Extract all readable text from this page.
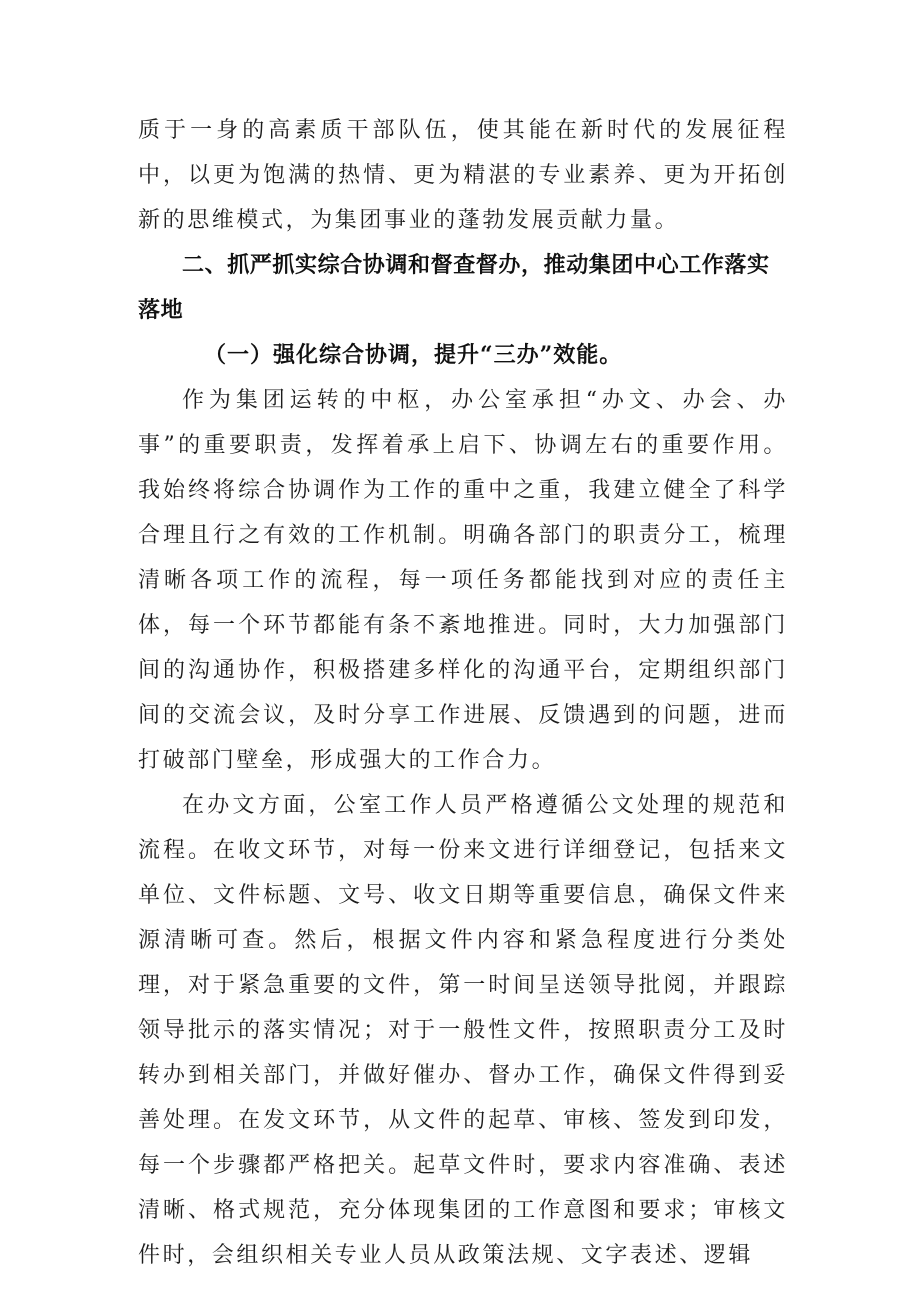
质于一身的高素质干部队伍，使其能在新时代的发展征程中，以更为饱满的热情、更为精湛的专业素养、更为开拓创新的思维模式，为集团事业的蓬勃发展贡献力量。

二、抓严抓实综合协调和督查督办，推动集团中心工作落实落地

（一）强化综合协调，提升“三办”效能。

作为集团运转的中枢，办公室承担“办文、办会、办事”的重要职责，发挥着承上启下、协调左右的重要作用。我始终将综合协调作为工作的重中之重，我建立健全了科学合理且行之有效的工作机制。明确各部门的职责分工，梳理清晰各项工作的流程，每一项任务都能找到对应的责任主体，每一个环节都能有条不紊地推进。同时，大力加强部门间的沟通协作，积极搭建多样化的沟通平台，定期组织部门间的交流会议，及时分享工作进展、反馈遇到的问题，进而打破部门壁垒，形成强大的工作合力。

在办文方面，公室工作人员严格遵循公文处理的规范和流程。在收文环节，对每一份来文进行详细登记，包括来文单位、文件标题、文号、收文日期等重要信息，确保文件来源清晰可查。然后，根据文件内容和紧急程度进行分类处理，对于紧急重要的文件，第一时间呈送领导批阅，并跟踪领导批示的落实情况；对于一般性文件，按照职责分工及时转办到相关部门，并做好催办、督办工作，确保文件得到妥善处理。在发文环节，从文件的起草、审核、签发到印发，每一个步骤都严格把关。起草文件时，要求内容准确、表述清晰、格式规范，充分体现集团的工作意图和要求；审核文件时，会组织相关专业人员从政策法规、文字表述、逻辑
